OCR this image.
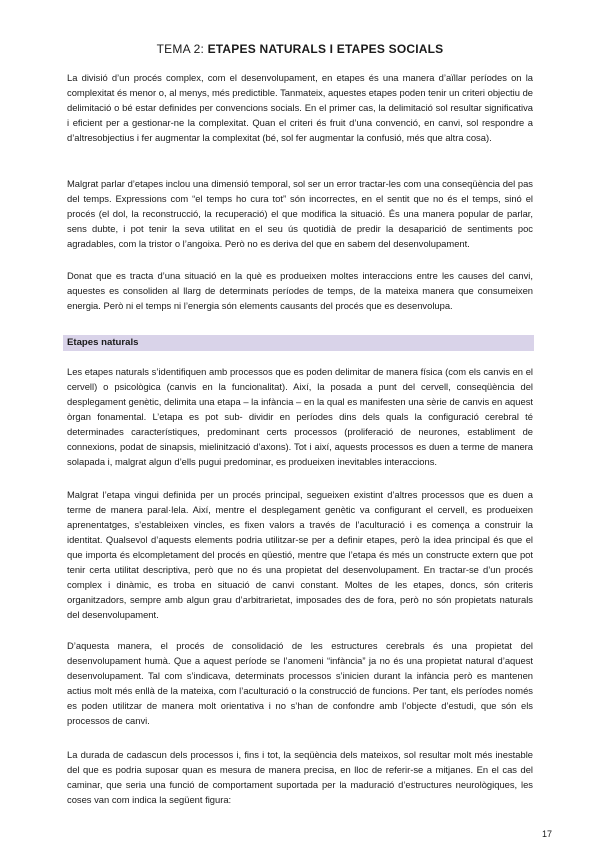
TEMA 2: ETAPES NATURALS I ETAPES SOCIALS

La divisió d’un procés complex, com el desenvolupament, en etapes és una manera d’aïllar períodes on la complexitat és menor o, al menys, més predictible. Tanmateix, aquestes etapes poden tenir un criteri objectiu de delimitació o bé estar definides per convencions socials. En el primer cas, la delimitació sol resultar significativa i eficient per a gestionar-ne la complexitat. Quan el criteri és fruit d’una convenció, en canvi, sol respondre a d’altresobjectius i fer augmentar la complexitat (bé, sol fer augmentar la confusió, més que altra cosa).

Malgrat parlar d’etapes inclou una dimensió temporal, sol ser un error tractar-les com una conseqüència del pas del temps. Expressions com “el temps ho cura tot” són incorrectes, en el sentit que no és el temps, sinó el procés (el dol, la reconstrucció, la recuperació) el que modifica la situació. És una manera popular de parlar, sens dubte, i pot tenir la seva utilitat en el seu ús quotidià de predir la desaparició de sentiments poc agradables, com la tristor o l’angoixa. Però no es deriva del que en sabem del desenvolupament.

Donat que es tracta d’una situació en la què es produeixen moltes interaccions entre les causes del canvi, aquestes es consoliden al llarg de determinats períodes de temps, de la mateixa manera que consumeixen energia. Però ni el temps ni l’energia són elements causants del procés que es desenvolupa.

Etapes naturals

Les etapes naturals s’identifiquen amb processos que es poden delimitar de manera física (com els canvis en el cervell) o psicològica (canvis en la funcionalitat). Així, la posada a punt del cervell, conseqüència del desplegament genètic, delimita una etapa – la infància – en la qual es manifesten una sèrie de canvis en aquest òrgan fonamental. L’etapa es pot sub- dividir en períodes dins dels quals la configuració cerebral té determinades característiques, predominant certs processos (proliferació de neurones, establiment de connexions, podat de sinapsis, mielinització d’axons). Tot i així, aquests processos es duen a terme de manera solapada i, malgrat algun d’ells pugui predominar, es produeixen inevitables interaccions.

Malgrat l’etapa vingui definida per un procés principal, segueixen existint d’altres processos que es duen a terme de manera paral·lela. Així, mentre el desplegament genètic va configurant el cervell, es produeixen aprenentatges, s’estableixen vincles, es fixen valors a través de l’aculturació i es comença a construir la identitat. Qualsevol d’aquests elements podria utilitzar-se per a definir etapes, però la idea principal és que el que importa és elcompletament del procés en qüestió, mentre que l’etapa és més un constructe extern que pot tenir certa utilitat descriptiva, però que no és una propietat del desenvolupament. En tractar-se d’un procés complex i dinàmic, es troba en situació de canvi constant. Moltes de les etapes, doncs, són criteris organitzadors, sempre amb algun grau d’arbitrarietat, imposades des de fora, però no són propietats naturals del desenvolupament.

D’aquesta manera, el procés de consolidació de les estructures cerebrals és una propietat del desenvolupament humà. Que a aquest període se l’anomeni “infància” ja no és una propietat natural d’aquest desenvolupament. Tal com s’indicava, determinats processos s’inicien durant la infància però es mantenen actius molt més enllà de la mateixa, com l’aculturació o la construcció de funcions. Per tant, els períodes només es poden utilitzar de manera molt orientativa i no s’han de confondre amb l’objecte d’estudi, que són els processos de canvi.

La durada de cadascun dels processos i, fins i tot, la seqüència dels mateixos, sol resultar molt més inestable del que es podria suposar quan es mesura de manera precisa, en lloc de referir-se a mitjanes. En el cas del caminar, que seria una funció de comportament suportada per la maduració d’estructures neurològiques, les coses van com indica la següent figura:

17
